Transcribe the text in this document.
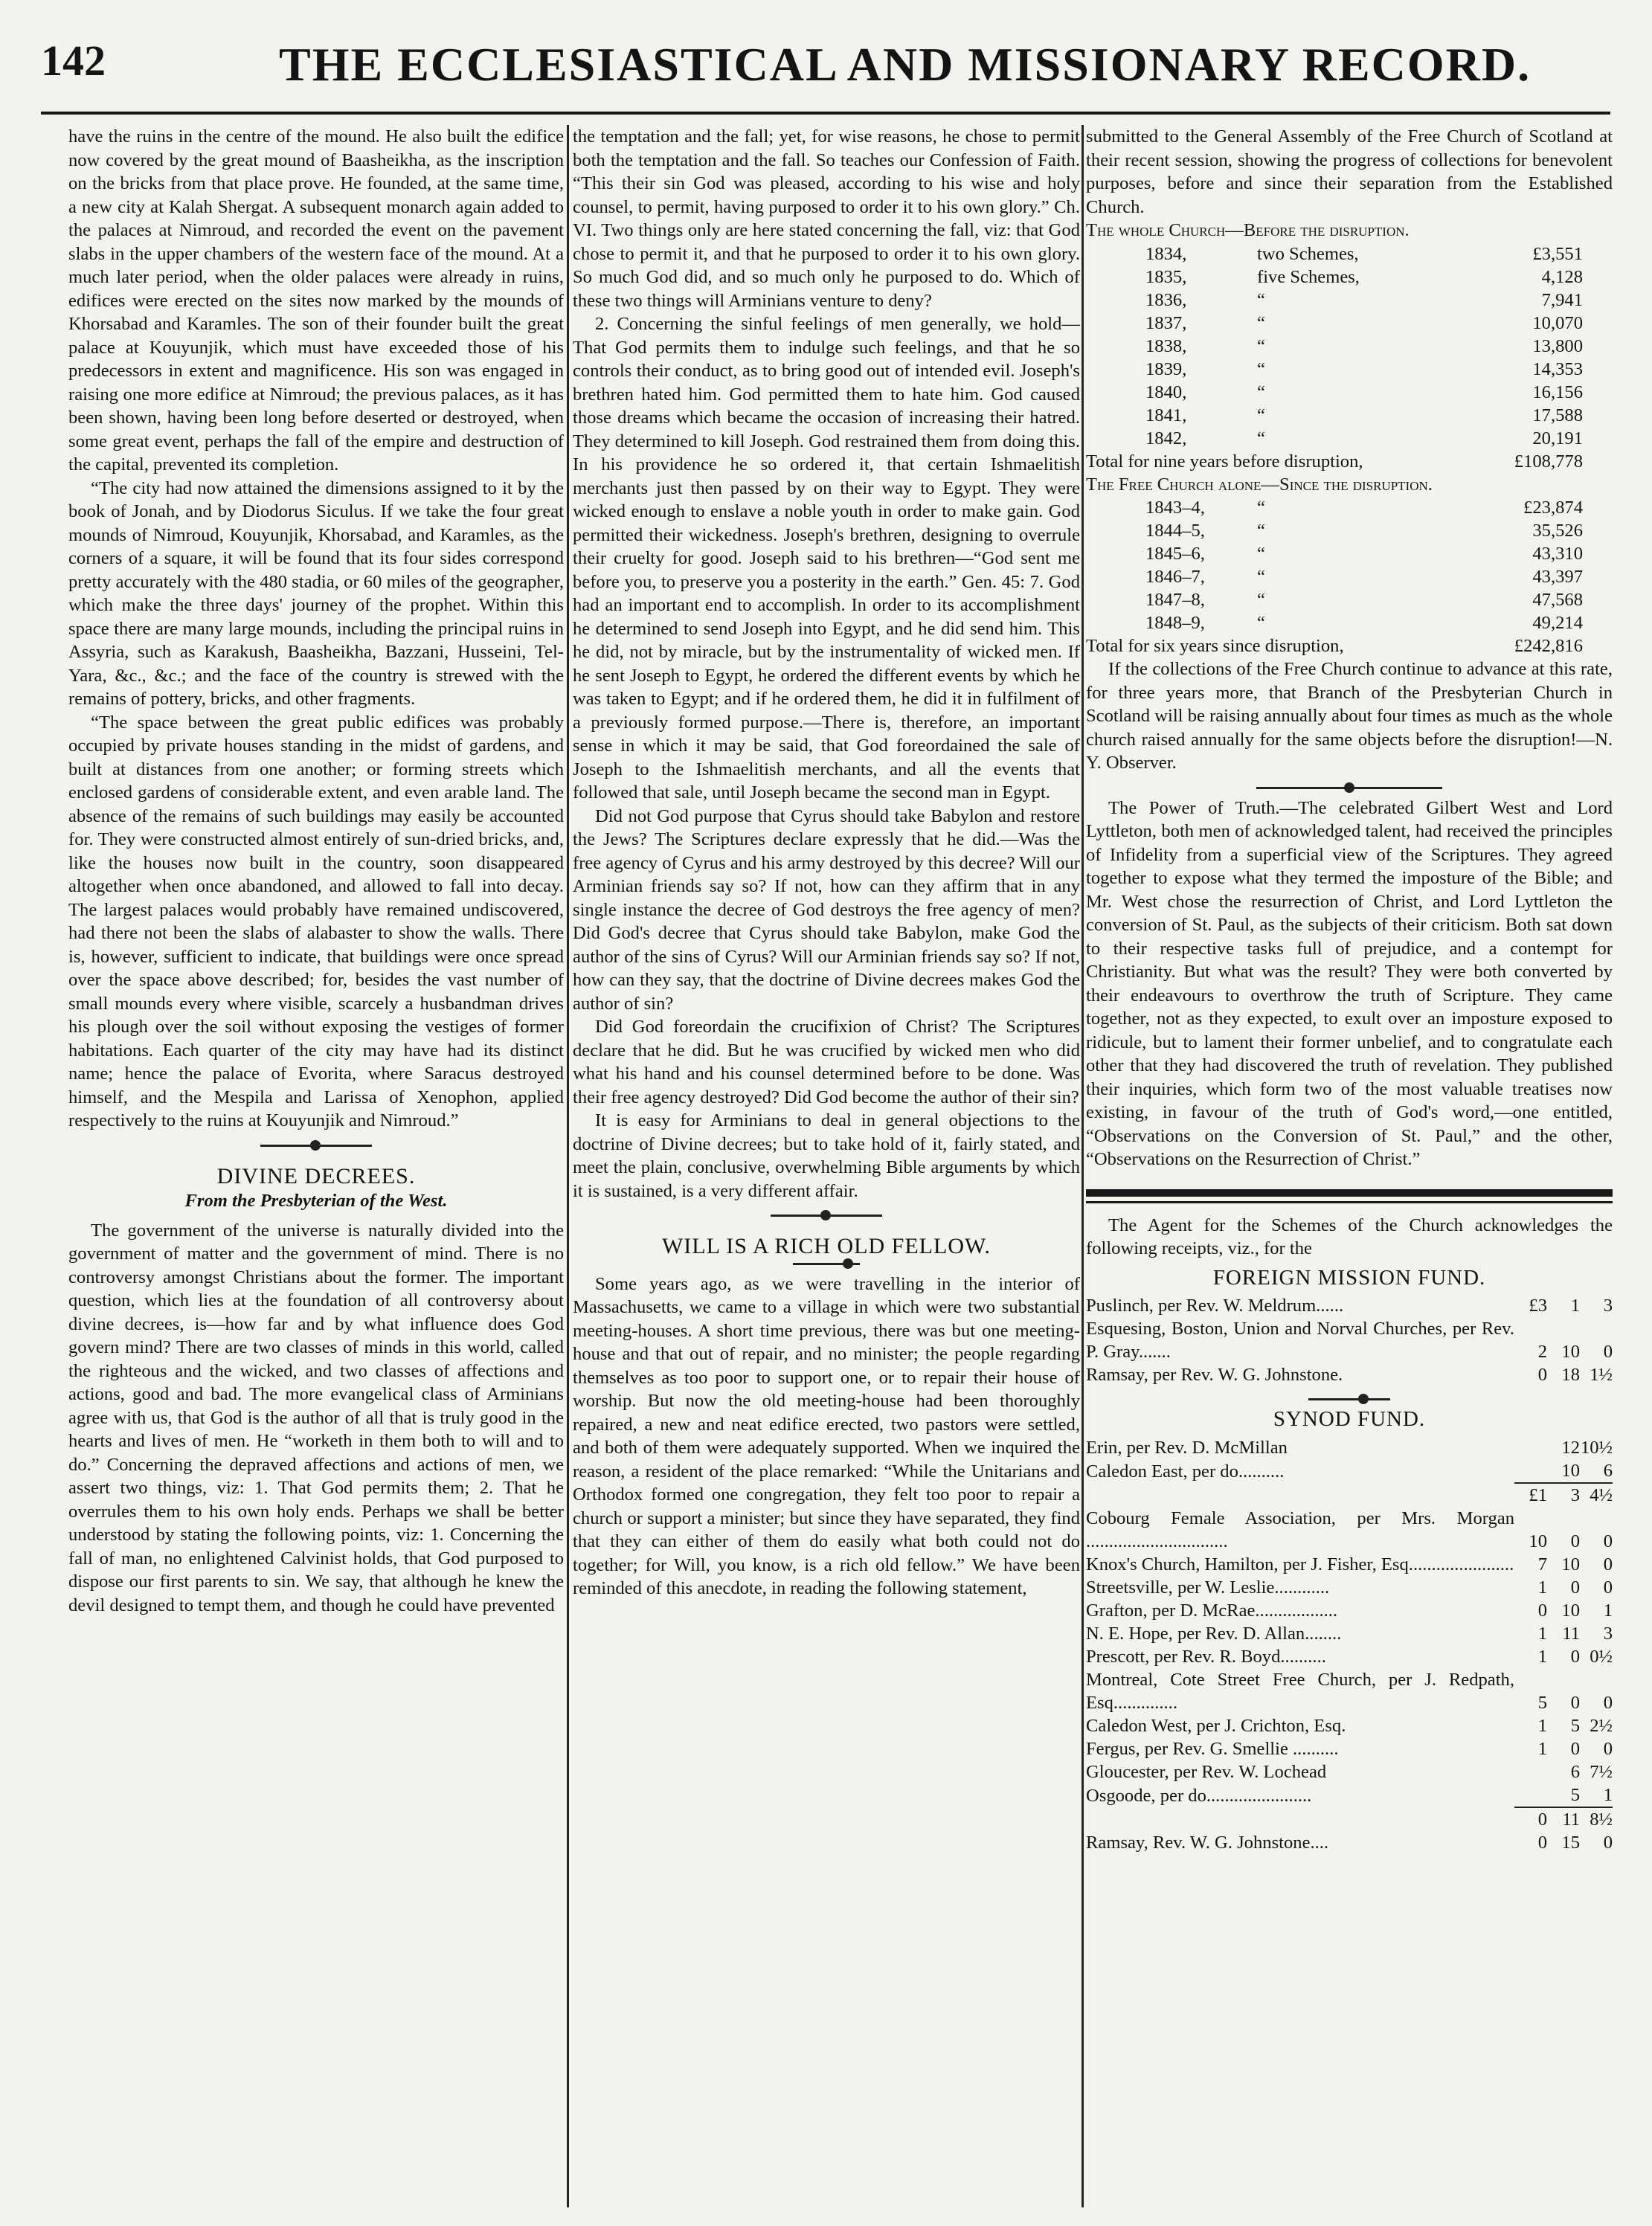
142	THE ECCLESIASTICAL AND MISSIONARY RECORD.

have the ruins in the centre of the mound. He also built the edifice now covered by the great mound of Baasheikha, as the inscription on the bricks from that place prove. He founded, at the same time, a new city at Kalah Shergat. A subsequent monarch again added to the palaces at Nimroud, and recorded the event on the pavement slabs in the upper chambers of the western face of the mound. At a much later period, when the older palaces were already in ruins, edifices were erected on the sites now marked by the mounds of Khorsabad and Karamles. The son of their founder built the great palace at Kouyunjik, which must have exceeded those of his predecessors in extent and magnificence. His son was engaged in raising one more edifice at Nimroud; the previous palaces, as it has been shown, having been long before deserted or destroyed, when some great event, perhaps the fall of the empire and destruction of the capital, prevented its completion.

“The city had now attained the dimensions assigned to it by the book of Jonah, and by Diodorus Siculus. If we take the four great mounds of Nimroud, Kouyunjik, Khorsabad, and Karamles, as the corners of a square, it will be found that its four sides correspond pretty accurately with the 480 stadia, or 60 miles of the geographer, which make the three days' journey of the prophet. Within this space there are many large mounds, including the principal ruins in Assyria, such as Karakush, Baasheikha, Bazzani, Husseini, Tel-Yara, &c., &c.; and the face of the country is strewed with the remains of pottery, bricks, and other fragments.

“The space between the great public edifices was probably occupied by private houses standing in the midst of gardens, and built at distances from one another; or forming streets which enclosed gardens of considerable extent, and even arable land. The absence of the remains of such buildings may easily be accounted for. They were constructed almost entirely of sun-dried bricks, and, like the houses now built in the country, soon disappeared altogether when once abandoned, and allowed to fall into decay. The largest palaces would probably have remained undiscovered, had there not been the slabs of alabaster to show the walls. There is, however, sufficient to indicate, that buildings were once spread over the space above described; for, besides the vast number of small mounds every where visible, scarcely a husbandman drives his plough over the soil without exposing the vestiges of former habitations. Each quarter of the city may have had its distinct name; hence the palace of Evorita, where Saracus destroyed himself, and the Mespila and Larissa of Xenophon, applied respectively to the ruins at Kouyunjik and Nimroud.”

DIVINE DECREES.
From the Presbyterian of the West.

The government of the universe is naturally divided into the government of matter and the government of mind. There is no controversy amongst Christians about the former. The important question, which lies at the foundation of all controversy about divine decrees, is—how far and by what influence does God govern mind? There are two classes of minds in this world, called the righteous and the wicked, and two classes of affections and actions, good and bad. The more evangelical class of Arminians agree with us, that God is the author of all that is truly good in the hearts and lives of men. He “worketh in them both to will and to do.” Concerning the depraved affections and actions of men, we assert two things, viz: 1. That God permits them; 2. That he overrules them to his own holy ends. Perhaps we shall be better understood by stating the following points, viz: 1. Concerning the fall of man, no enlightened Calvinist holds, that God purposed to dispose our first parents to sin. We say, that although he knew the devil designed to tempt them, and though he could have prevented

the temptation and the fall; yet, for wise reasons, he chose to permit both the temptation and the fall. So teaches our Confession of Faith. “This their sin God was pleased, according to his wise and holy counsel, to permit, having purposed to order it to his own glory.” Ch. VI. Two things only are here stated concerning the fall, viz: that God chose to permit it, and that he purposed to order it to his own glory. So much God did, and so much only he purposed to do. Which of these two things will Arminians venture to deny?

2. Concerning the sinful feelings of men generally, we hold—That God permits them to indulge such feelings, and that he so controls their conduct, as to bring good out of intended evil. Joseph's brethren hated him. God permitted them to hate him. God caused those dreams which became the occasion of increasing their hatred. They determined to kill Joseph. God restrained them from doing this. In his providence he so ordered it, that certain Ishmaelitish merchants just then passed by on their way to Egypt. They were wicked enough to enslave a noble youth in order to make gain. God permitted their wickedness. Joseph's brethren, designing to overrule their cruelty for good. Joseph said to his brethren—“God sent me before you, to preserve you a posterity in the earth.” Gen. 45: 7. God had an important end to accomplish. In order to its accomplishment he determined to send Joseph into Egypt, and he did send him. This he did, not by miracle, but by the instrumentality of wicked men. If he sent Joseph to Egypt, he ordered the different events by which he was taken to Egypt; and if he ordered them, he did it in fulfilment of a previously formed purpose.—There is, therefore, an important sense in which it may be said, that God foreordained the sale of Joseph to the Ishmaelitish merchants, and all the events that followed that sale, until Joseph became the second man in Egypt.

Did not God purpose that Cyrus should take Babylon and restore the Jews? The Scriptures declare expressly that he did.—Was the free agency of Cyrus and his army destroyed by this decree? Will our Arminian friends say so? If not, how can they affirm that in any single instance the decree of God destroys the free agency of men? Did God's decree that Cyrus should take Babylon, make God the author of the sins of Cyrus? Will our Arminian friends say so? If not, how can they say, that the doctrine of Divine decrees makes God the author of sin?

Did God foreordain the crucifixion of Christ? The Scriptures declare that he did. But he was crucified by wicked men who did what his hand and his counsel determined before to be done. Was their free agency destroyed? Did God become the author of their sin?

It is easy for Arminians to deal in general objections to the doctrine of Divine decrees; but to take hold of it, fairly stated, and meet the plain, conclusive, overwhelming Bible arguments by which it is sustained, is a very different affair.

WILL IS A RICH OLD FELLOW.

Some years ago, as we were travelling in the interior of Massachusetts, we came to a village in which were two substantial meeting-houses. A short time previous, there was but one meeting-house and that out of repair, and no minister; the people regarding themselves as too poor to support one, or to repair their house of worship. But now the old meeting-house had been thoroughly repaired, a new and neat edifice erected, two pastors were settled, and both of them were adequately supported. When we inquired the reason, a resident of the place remarked: “While the Unitarians and Orthodox formed one congregation, they felt too poor to repair a church or support a minister; but since they have separated, they find that they can either of them do easily what both could not do together; for Will, you know, is a rich old fellow.” We have been reminded of this anecdote, in reading the following statement,

submitted to the General Assembly of the Free Church of Scotland at their recent session, showing the progress of collections for benevolent purposes, before and since their separation from the Established Church.

The whole Church—Before the disruption.

1834,	two Schemes,	£3,551
1835,	five Schemes,	4,128
1836,	“	7,941
1837,	“	10,070
1838,	“	13,800
1839,	“	14,353
1840,	“	16,156
1841,	“	17,588
1842,	“	20,191
Total for nine years before disruption,	£108,778

The Free Church alone—Since the disruption.

1843–4,	“	£23,874
1844–5,	“	35,526
1845–6,	“	43,310
1846–7,	“	43,397
1847–8,	“	47,568
1848–9,	“	49,214
Total for six years since disruption,	£242,816

If the collections of the Free Church continue to advance at this rate, for three years more, that Branch of the Presbyterian Church in Scotland will be raising annually about four times as much as the whole church raised annually for the same objects before the disruption!—N. Y. Observer.

The Power of Truth.—The celebrated Gilbert West and Lord Lyttleton, both men of acknowledged talent, had received the principles of Infidelity from a superficial view of the Scriptures. They agreed together to expose what they termed the imposture of the Bible; and Mr. West chose the resurrection of Christ, and Lord Lyttleton the conversion of St. Paul, as the subjects of their criticism. Both sat down to their respective tasks full of prejudice, and a contempt for Christianity. But what was the result? They were both converted by their endeavours to overthrow the truth of Scripture. They came together, not as they expected, to exult over an imposture exposed to ridicule, but to lament their former unbelief, and to congratulate each other that they had discovered the truth of revelation. They published their inquiries, which form two of the most valuable treatises now existing, in favour of the truth of God's word,—one entitled, “Observations on the Conversion of St. Paul,” and the other, “Observations on the Resurrection of Christ.”

The Agent for the Schemes of the Church acknowledges the following receipts, viz., for the

FOREIGN MISSION FUND.
Puslinch, per Rev. W. Meldrum......	£3	1	3
Esquesing, Boston, Union and Norval Churches, per Rev. P. Gray.......	2	10	0
Ramsay, per Rev. W. G. Johnstone.	0	18	1½
SYNOD FUND.
Erin, per Rev. D. McMillan		12	10½
Caledon East, per do..........		10	6
	£1	3	4½
Cobourg Female Association, per Mrs. Morgan ...............................	10	0	0
Knox's Church, Hamilton, per J. Fisher, Esq.......................	7	10	0
Streetsville, per W. Leslie............	1	0	0
Grafton, per D. McRae..................	0	10	1
N. E. Hope, per Rev. D. Allan........	1	11	3
Prescott, per Rev. R. Boyd..........	1	0	0½
Montreal, Cote Street Free Church, per J. Redpath, Esq..............	5	0	0
Caledon West, per J. Crichton, Esq.	1	5	2½
Fergus, per Rev. G. Smellie ..........	1	0	0
Gloucester, per Rev. W. Lochead		6	7½
Osgoode, per do.......................		5	1
	0	11	8½
Ramsay, Rev. W. G. Johnstone....	0	15	0
